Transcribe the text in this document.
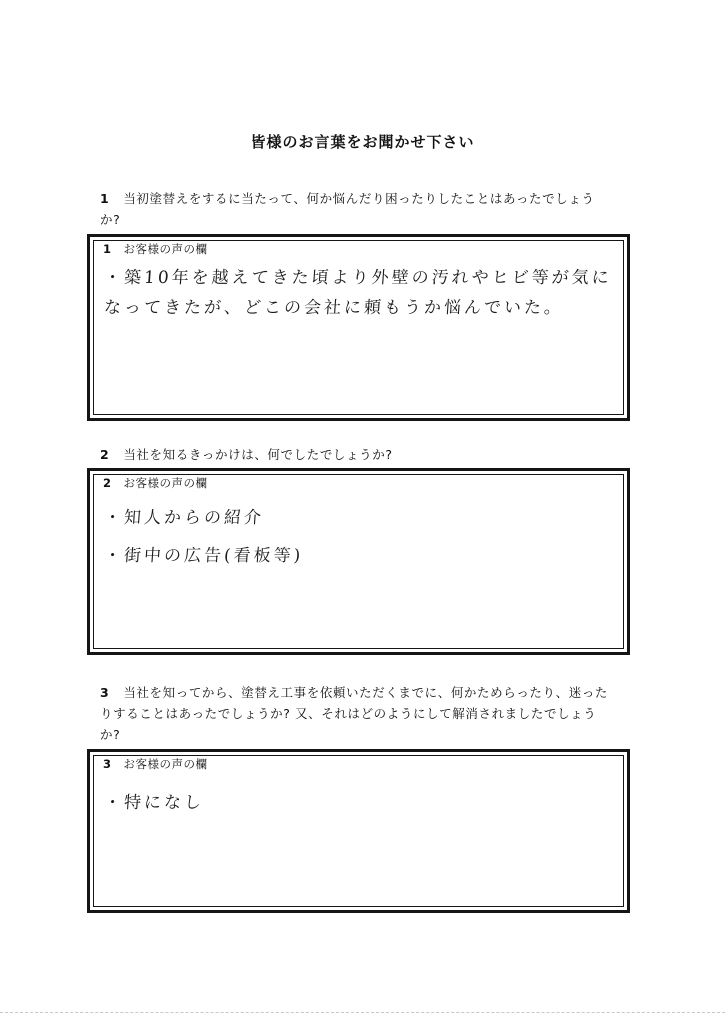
皆様のお言葉をお聞かせ下さい
1 当初塗替えをするに当たって、何か悩んだり困ったりしたことはあったでしょう
か?
1 お客様の声の欄
・築10年を越えてきた頃より外壁の汚れやヒビ等が気に
なってきたが、どこの会社に頼もうか悩んでいた。
2 当社を知るきっかけは、何でしたでしょうか?
2 お客様の声の欄
・知人からの紹介
・街中の広告(看板等)
3 当社を知ってから、塗替え工事を依頼いただくまでに、何かためらったり、迷った
りすることはあったでしょうか? 又、それはどのようにして解消されましたでしょう
か?
3 お客様の声の欄
・特になし
